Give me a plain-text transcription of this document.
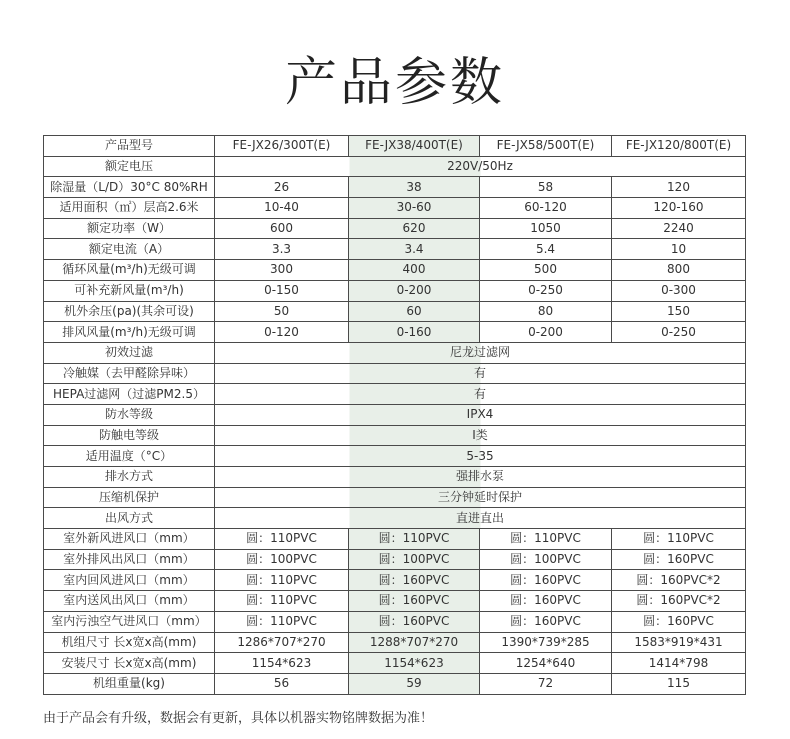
产品参数
产品型号	FE-JX26/300T(E)	FE-JX38/400T(E)	FE-JX58/500T(E)	FE-JX120/800T(E)
额定电压	220V/50Hz			
除湿量（L/D）30°C 80%RH	26	38	58	120
适用面积（㎡）层高2.6米	10-40	30-60	60-120	120-160
额定功率（W）	600	620	1050	2240
额定电流（A）	3.3	3.4	5.4	10
循环风量(m³/h)无级可调	300	400	500	800
可补充新风量(m³/h)	0-150	0-200	0-250	0-300
机外余压(pa)(其余可设)	50	60	80	150
排风风量(m³/h)无级可调	0-120	0-160	0-200	0-250
初效过滤	尼龙过滤网			
冷触媒（去甲醛除异味）	有			
HEPA过滤网（过滤PM2.5）	有			
防水等级	IPX4			
防触电等级	I类			
适用温度（°C）	5-35			
排水方式	强排水泵			
压缩机保护	三分钟延时保护			
出风方式	直进直出			
室外新风进风口（mm）	圆：110PVC	圆：110PVC	圆：110PVC	圆：110PVC
室外排风出风口（mm）	圆：100PVC	圆：100PVC	圆：100PVC	圆：160PVC
室内回风进风口（mm）	圆：110PVC	圆：160PVC	圆：160PVC	圆：160PVC*2
室内送风出风口（mm）	圆：110PVC	圆：160PVC	圆：160PVC	圆：160PVC*2
室内污浊空气进风口（mm）	圆：110PVC	圆：160PVC	圆：160PVC	圆：160PVC
机组尺寸 长x宽x高(mm)	1286*707*270	1288*707*270	1390*739*285	1583*919*431
安装尺寸 长x宽x高(mm)	1154*623	1154*623	1254*640	1414*798
机组重量(kg)	56	59	72	115
由于产品会有升级，数据会有更新，具体以机器实物铭牌数据为准！
